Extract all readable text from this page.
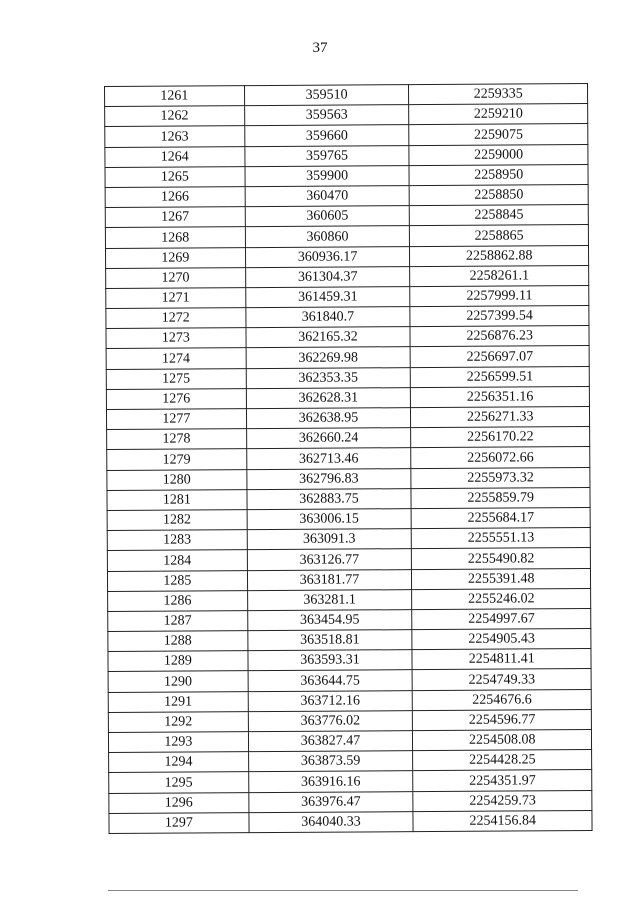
37
1261	359510	2259335
1262	359563	2259210
1263	359660	2259075
1264	359765	2259000
1265	359900	2258950
1266	360470	2258850
1267	360605	2258845
1268	360860	2258865
1269	360936.17	2258862.88
1270	361304.37	2258261.1
1271	361459.31	2257999.11
1272	361840.7	2257399.54
1273	362165.32	2256876.23
1274	362269.98	2256697.07
1275	362353.35	2256599.51
1276	362628.31	2256351.16
1277	362638.95	2256271.33
1278	362660.24	2256170.22
1279	362713.46	2256072.66
1280	362796.83	2255973.32
1281	362883.75	2255859.79
1282	363006.15	2255684.17
1283	363091.3	2255551.13
1284	363126.77	2255490.82
1285	363181.77	2255391.48
1286	363281.1	2255246.02
1287	363454.95	2254997.67
1288	363518.81	2254905.43
1289	363593.31	2254811.41
1290	363644.75	2254749.33
1291	363712.16	2254676.6
1292	363776.02	2254596.77
1293	363827.47	2254508.08
1294	363873.59	2254428.25
1295	363916.16	2254351.97
1296	363976.47	2254259.73
1297	364040.33	2254156.84
